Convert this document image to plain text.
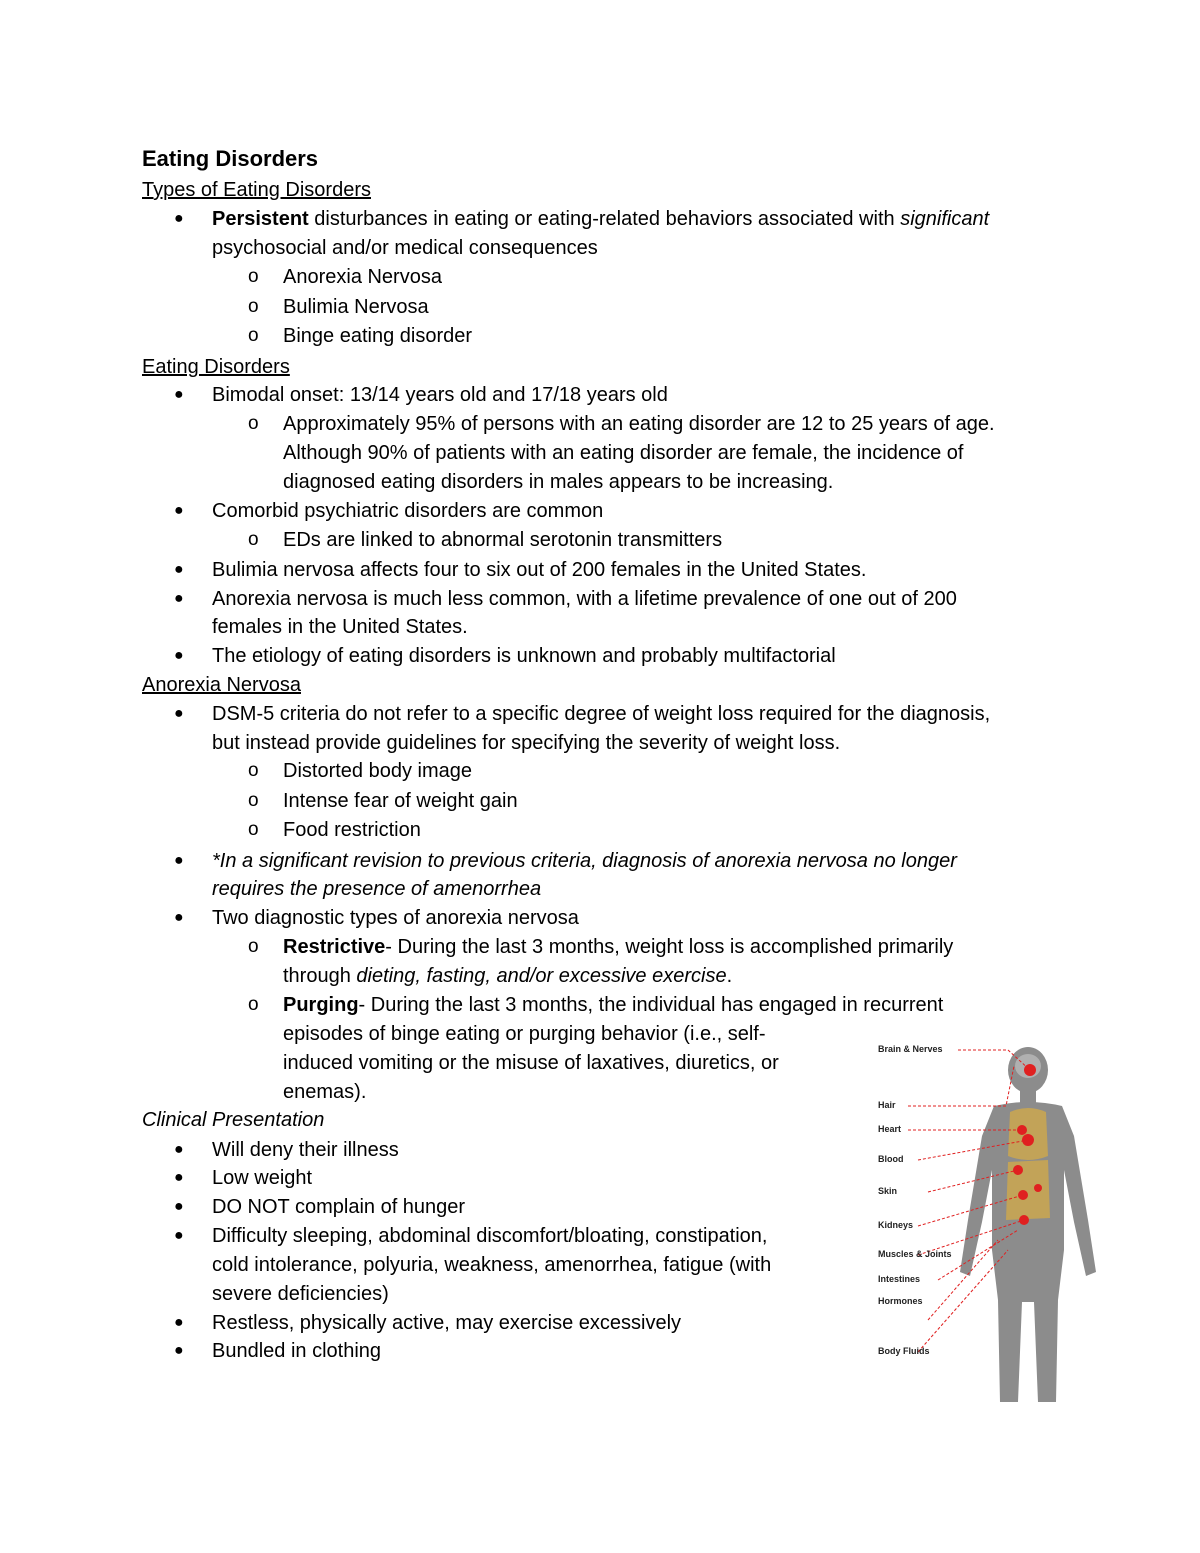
Eating Disorders
Types of Eating Disorders
● Persistent disturbances in eating or eating-related behaviors associated with significant
psychosocial and/or medical consequences
o Anorexia Nervosa
o Bulimia Nervosa
o Binge eating disorder
Eating Disorders
● Bimodal onset: 13/14 years old and 17/18 years old
o Approximately 95% of persons with an eating disorder are 12 to 25 years of age.
Although 90% of patients with an eating disorder are female, the incidence of
diagnosed eating disorders in males appears to be increasing.
● Comorbid psychiatric disorders are common
o EDs are linked to abnormal serotonin transmitters
● Bulimia nervosa affects four to six out of 200 females in the United States.
● Anorexia nervosa is much less common, with a lifetime prevalence of one out of 200
females in the United States.
● The etiology of eating disorders is unknown and probably multifactorial
Anorexia Nervosa
● DSM-5 criteria do not refer to a specific degree of weight loss required for the diagnosis,
but instead provide guidelines for specifying the severity of weight loss.
o Distorted body image
o Intense fear of weight gain
o Food restriction
● *In a significant revision to previous criteria, diagnosis of anorexia nervosa no longer
requires the presence of amenorrhea
● Two diagnostic types of anorexia nervosa
o Restrictive- During the last 3 months, weight loss is accomplished primarily
through dieting, fasting, and/or excessive exercise.
o Purging- During the last 3 months, the individual has engaged in recurrent
episodes of binge eating or purging behavior (i.e., self-
induced vomiting or the misuse of laxatives, diuretics, or
enemas).
Clinical Presentation
● Will deny their illness
● Low weight
● DO NOT complain of hunger
● Difficulty sleeping, abdominal discomfort/bloating, constipation,
cold intolerance, polyuria, weakness, amenorrhea, fatigue (with
severe deficiencies)
● Restless, physically active, may exercise excessively
● Bundled in clothing
Brain & Nerves
Hair
Heart
Blood
Skin
Kidneys
Muscles & Joints
Intestines
Hormones
Body Fluids
